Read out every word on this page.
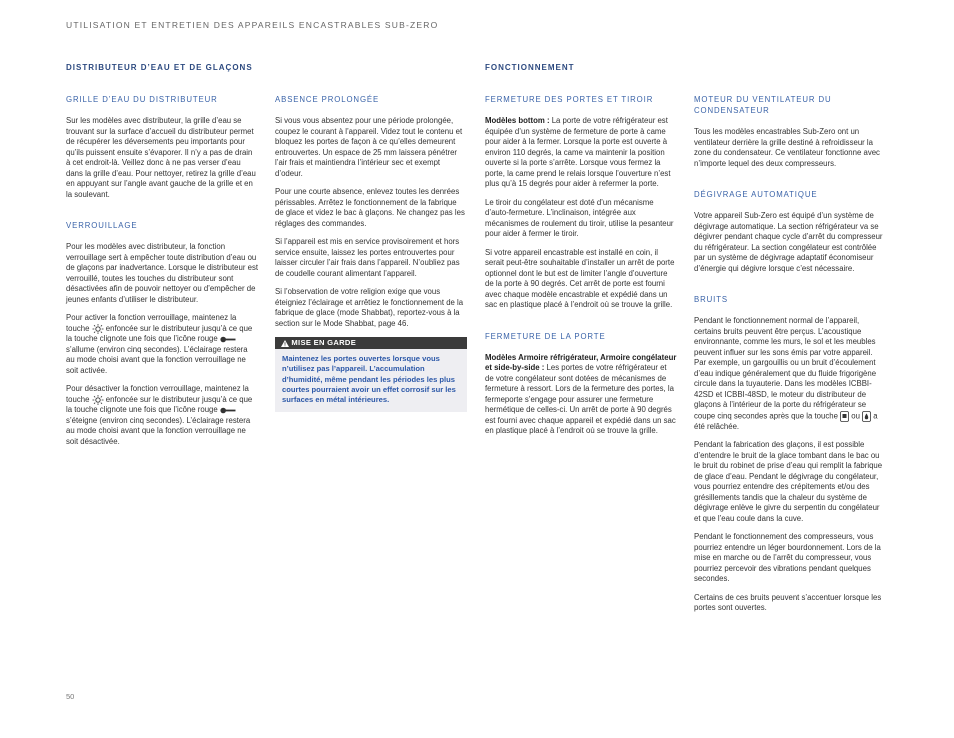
UTILISATION ET ENTRETIEN DES APPAREILS ENCASTRABLES SUB-ZERO
DISTRIBUTEUR D’EAU ET DE GLAÇONS	FONCTIONNEMENT
GRILLE D’EAU DU DISTRIBUTEUR

Sur les modèles avec distributeur, la grille d’eau se trouvant sur la surface d’accueil du distributeur permet de récupérer les déversements peu importants pour qu’ils puissent ensuite s’évaporer. Il n’y a pas de drain à cet endroit-là. Veillez donc à ne pas verser d’eau dans la grille d’eau. Pour nettoyer, retirez la grille d’eau en appuyant sur l’angle avant gauche de la grille et en la soulevant.

VERROUILLAGE

Pour les modèles avec distributeur, la fonction verrouillage sert à empêcher toute distribution d’eau ou de glaçons par inadvertance. Lorsque le distributeur est verrouillé, toutes les touches du distributeur sont désactivées afin de pouvoir nettoyer ou d’empêcher de jeunes enfants d’utiliser le distributeur.

Pour activer la fonction verrouillage, maintenez la touche enfoncée sur le distributeur jusqu’à ce que la touche clignote une fois que l’icône rouge  s’allume (environ cinq secondes). L’éclairage restera au mode choisi avant que la fonction verrouillage ne soit activée.

Pour désactiver la fonction verrouillage, maintenez la touche enfoncée sur le distributeur jusqu’à ce que la touche clignote une fois que l’icône rouge  s’éteigne (environ cinq secondes). L’éclairage restera au mode choisi avant que la fonction verrouillage ne soit désactivée.

ABSENCE PROLONGÉE

Si vous vous absentez pour une période prolongée, coupez le courant à l’appareil. Videz tout le contenu et bloquez les portes de façon à ce qu’elles demeurent entrouvertes. Un espace de 25 mm laissera pénétrer l’air frais et maintiendra l’intérieur sec et exempt d’odeur.

Pour une courte absence, enlevez toutes les denrées périssables. Arrêtez le fonctionnement de la fabrique de glace et videz le bac à glaçons. Ne changez pas les réglages des commandes.

Si l’appareil est mis en service provisoirement et hors service ensuite, laissez les portes entrouvertes pour laisser circuler l’air frais dans l’appareil. N’oubliez pas de coudelle courant alimentant l’appareil.

Si l’observation de votre religion exige que vous éteigniez l’éclairage et arrêtiez le fonctionnement de la fabrique de glace (mode Shabbat), reportez-vous à la section sur le Mode Shabbat, page 46.

MISE EN GARDE
Maintenez les portes ouvertes lorsque vous n’utilisez pas l’appareil. L’accumulation d’humidité, même pendant les périodes les plus courtes pourraient avoir un effet corrosif sur les surfaces en métal intérieures.
FERMETURE DES PORTES ET TIROIR

Modèles bottom : La porte de votre réfrigérateur est équipée d’un système de fermeture de porte à came pour aider à la fermer. Lorsque la porte est ouverte à environ 110 degrés, la came va maintenir la position ouverte si la porte s’arrête. Lorsque vous fermez la porte, la came prend le relais lorsque l’ouverture n’est plus qu’à 15 degrés pour aider à refermer la porte.

Le tiroir du congélateur est doté d’un mécanisme d’auto-fermeture. L’inclinaison, intégrée aux mécanismes de roulement du tiroir, utilise la pesanteur pour aider à fermer le tiroir.

Si votre appareil encastrable est installé en coin, il serait peut-être souhaitable d’installer un arrêt de porte optionnel dont le but est de limiter l’angle d’ouverture de la porte à 90 degrés. Cet arrêt de porte est fourni avec chaque modèle encastrable et expédié dans un sac en plastique placé à l’endroit où se trouve la grille.

FERMETURE DE LA PORTE

Modèles Armoire réfrigérateur, Armoire congélateur et side-by-side : Les portes de votre réfrigérateur et de votre congélateur sont dotées de mécanismes de fermeture à ressort. Lors de la fermeture des portes, la fermeporte s’engage pour assurer une fermeture hermétique de celles-ci. Un arrêt de porte à 90 degrés est fourni avec chaque appareil et expédié dans un sac en plastique placé à l’endroit où se trouve la grille.

MOTEUR DU VENTILATEUR DU CONDENSATEUR

Tous les modèles encastrables Sub-Zero ont un ventilateur derrière la grille destiné à refroidisseur la zone du condensateur. Ce ventilateur fonctionne avec n’importe lequel des deux compresseurs.

DÉGIVRAGE AUTOMATIQUE

Votre appareil Sub-Zero est équipé d’un système de dégivrage automatique. La section réfrigérateur va se dégivrer pendant chaque cycle d’arrêt du compresseur du réfrigérateur. La section congélateur est contrôlée par un système de dégivrage adaptatif économiseur d’énergie qui dégivre lorsque c’est nécessaire.

BRUITS

Pendant le fonctionnement normal de l’appareil, certains bruits peuvent être perçus. L’acoustique environnante, comme les murs, le sol et les meubles peuvent influer sur les sons émis par votre appareil. Par exemple, un gargouillis ou un bruit d’écoulement d’eau indique généralement que du fluide frigorigène circule dans la tuyauterie. Dans les modèles ICBBI-42SD et ICBBI-48SD, le moteur du distributeur de glaçons à l’intérieur de la porte du réfrigérateur se coupe cinq secondes après que la touche ou a été relâchée.

Pendant la fabrication des glaçons, il est possible d’entendre le bruit de la glace tombant dans le bac ou le bruit du robinet de prise d’eau qui remplit la fabrique de glace d’eau. Pendant le dégivrage du congélateur, vous pourriez entendre des crépitements et/ou des grésillements tandis que la chaleur du système de dégivrage enlève le givre du serpentin du congélateur et que l’eau coule dans la cuve.

Pendant le fonctionnement des compresseurs, vous pourriez entendre un léger bourdonnement. Lors de la mise en marche ou de l’arrêt du compresseur, vous pourriez percevoir des vibrations pendant quelques secondes.

Certains de ces bruits peuvent s’accentuer lorsque les portes sont ouvertes.

50
